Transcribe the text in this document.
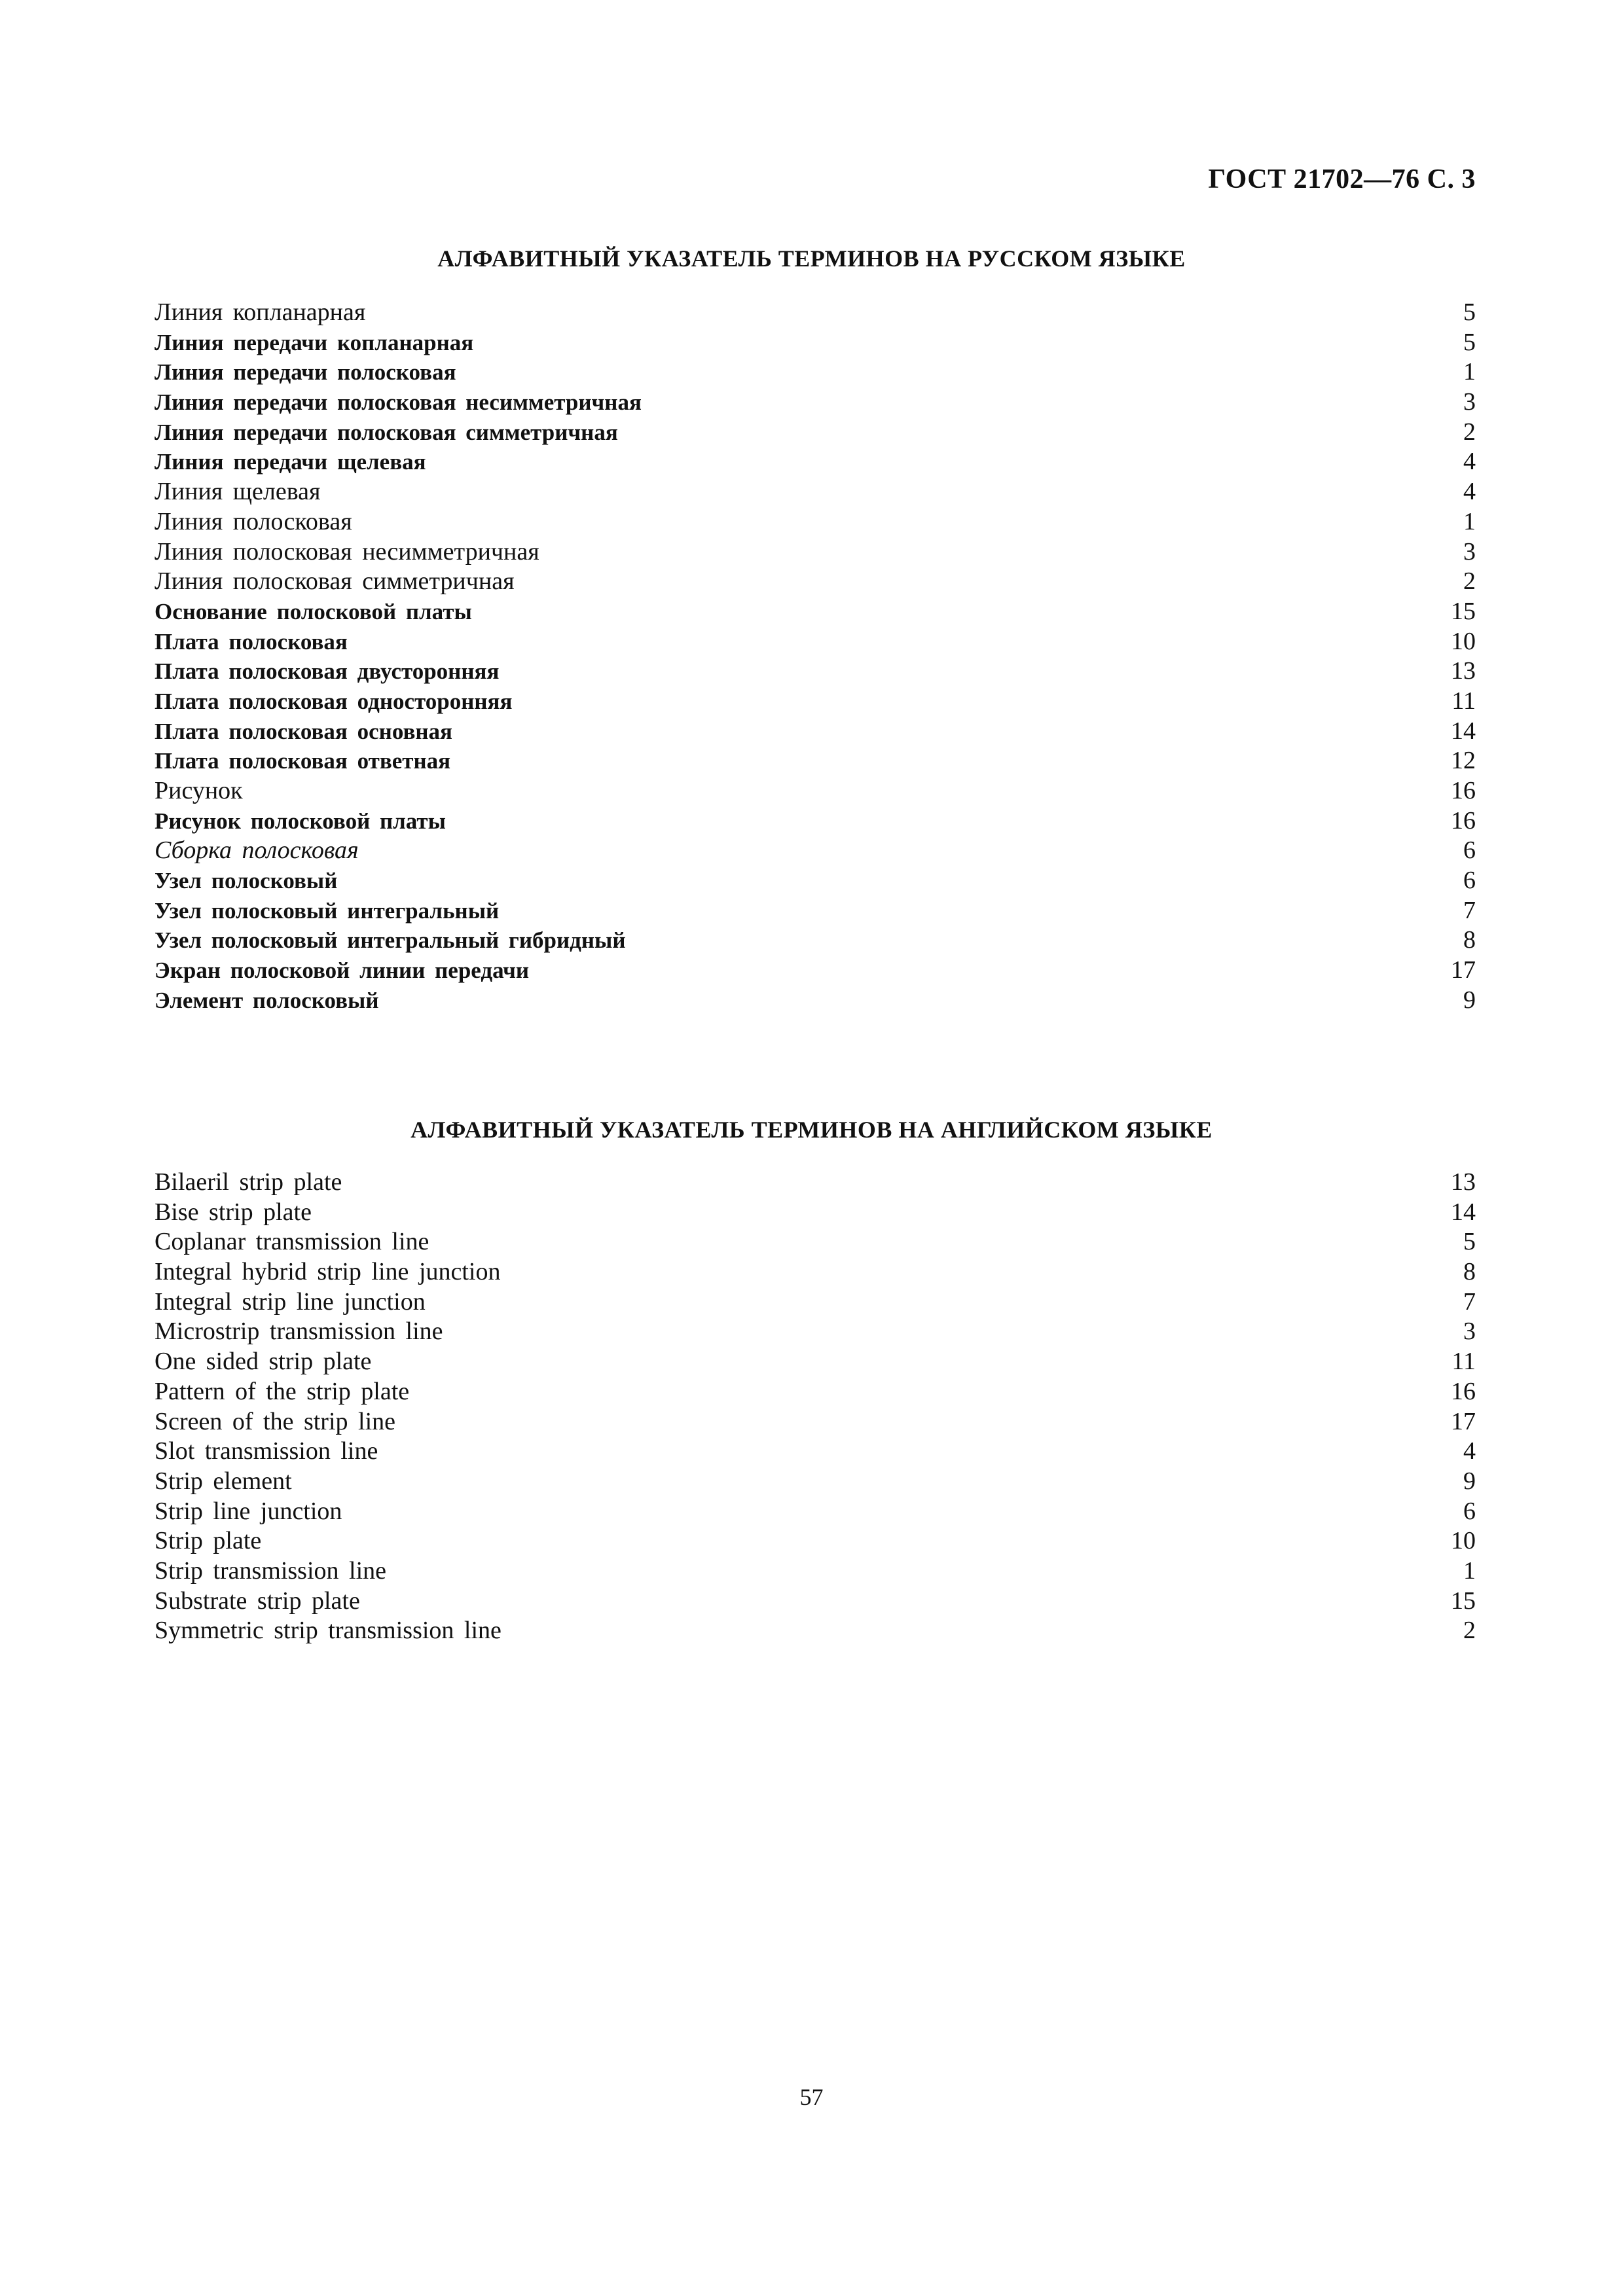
ГОСТ 21702—76 С. 3
АЛФАВИТНЫЙ УКАЗАТЕЛЬ ТЕРМИНОВ НА РУССКОМ ЯЗЫКЕ
Линия копланарная	5
Линия передачи копланарная	5
Линия передачи полосковая	1
Линия передачи полосковая несимметричная	3
Линия передачи полосковая симметричная	2
Линия передачи щелевая	4
Линия щелевая	4
Линия полосковая	1
Линия полосковая несимметричная	3
Линия полосковая симметричная	2
Основание полосковой платы	15
Плата полосковая	10
Плата полосковая двусторонняя	13
Плата полосковая односторонняя	11
Плата полосковая основная	14
Плата полосковая ответная	12
Рисунок	16
Рисунок полосковой платы	16
Сборка полосковая	6
Узел полосковый	6
Узел полосковый интегральный	7
Узел полосковый интегральный гибридный	8
Экран полосковой линии передачи	17
Элемент полосковый	9
АЛФАВИТНЫЙ УКАЗАТЕЛЬ ТЕРМИНОВ НА АНГЛИЙСКОМ ЯЗЫКЕ
Bilaeril strip plate	13
Bise strip plate	14
Coplanar transmission line	5
Integral hybrid strip line junction	8
Integral strip line junction	7
Microstrip transmission line	3
One sided strip plate	11
Pattern of the strip plate	16
Screen of the strip line	17
Slot transmission line	4
Strip element	9
Strip line junction	6
Strip plate	10
Strip transmission line	1
Substrate strip plate	15
Symmetric strip transmission line	2
57
